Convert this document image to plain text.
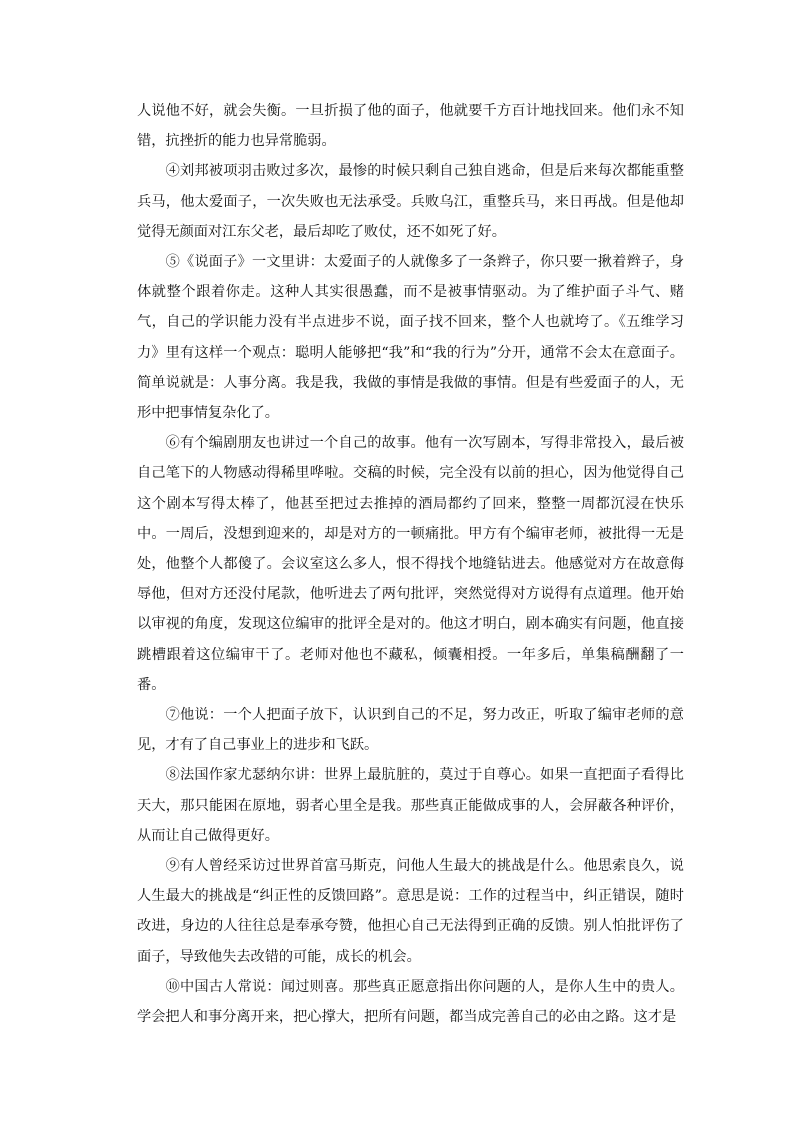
人说他不好，就会失衡。一旦折损了他的面子，他就要千方百计地找回来。他们永不知错，抗挫折的能力也异常脆弱。

④刘邦被项羽击败过多次，最惨的时候只剩自己独自逃命，但是后来每次都能重整兵马，他太爱面子，一次失败也无法承受。兵败乌江，重整兵马，来日再战。但是他却觉得无颜面对江东父老，最后却吃了败仗，还不如死了好。

⑤《说面子》一文里讲：太爱面子的人就像多了一条辫子，你只要一揪着辫子，身体就整个跟着你走。这种人其实很愚蠢，而不是被事情驱动。为了维护面子斗气、赌气，自己的学识能力没有半点进步不说，面子找不回来，整个人也就垮了。《五维学习力》里有这样一个观点：聪明人能够把“我”和“我的行为”分开，通常不会太在意面子。简单说就是：人事分离。我是我，我做的事情是我做的事情。但是有些爱面子的人，无形中把事情复杂化了。

⑥有个编剧朋友也讲过一个自己的故事。他有一次写剧本，写得非常投入，最后被自己笔下的人物感动得稀里哗啦。交稿的时候，完全没有以前的担心，因为他觉得自己这个剧本写得太棒了，他甚至把过去推掉的酒局都约了回来，整整一周都沉浸在快乐中。一周后，没想到迎来的，却是对方的一顿痛批。甲方有个编审老师，被批得一无是处，他整个人都傻了。会议室这么多人，恨不得找个地缝钻进去。他感觉对方在故意侮辱他，但对方还没付尾款，他听进去了两句批评，突然觉得对方说得有点道理。他开始以审视的角度，发现这位编审的批评全是对的。他这才明白，剧本确实有问题，他直接跳槽跟着这位编审干了。老师对他也不藏私，倾囊相授。一年多后，单集稿酬翻了一番。

⑦他说：一个人把面子放下，认识到自己的不足，努力改正，听取了编审老师的意见，才有了自己事业上的进步和飞跃。

⑧法国作家尤瑟纳尔讲：世界上最肮脏的，莫过于自尊心。如果一直把面子看得比天大，那只能困在原地，弱者心里全是我。那些真正能做成事的人，会屏蔽各种评价，从而让自己做得更好。

⑨有人曾经采访过世界首富马斯克，问他人生最大的挑战是什么。他思索良久，说人生最大的挑战是“纠正性的反馈回路”。意思是说：工作的过程当中，纠正错误，随时改进，身边的人往往总是奉承夸赞，他担心自己无法得到正确的反馈。别人怕批评伤了面子，导致他失去改错的可能，成长的机会。

⑩中国古人常说：闻过则喜。那些真正愿意指出你问题的人，是你人生中的贵人。学会把人和事分离开来，把心撑大，把所有问题，都当成完善自己的必由之路。这才是
